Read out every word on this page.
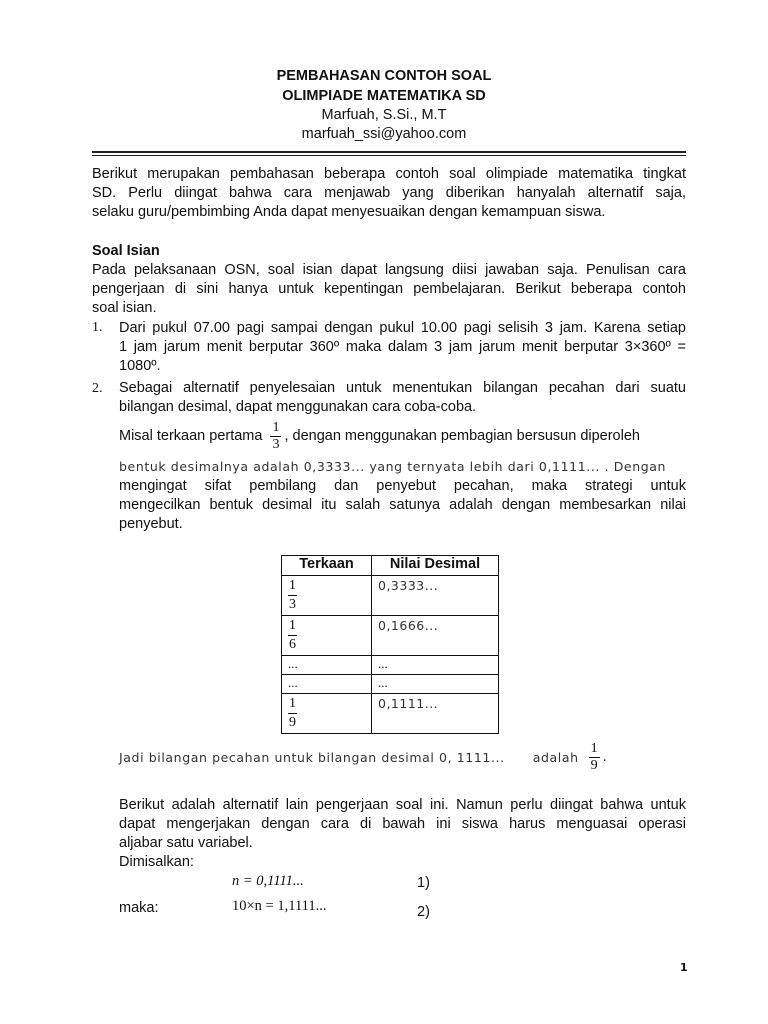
PEMBAHASAN CONTOH SOAL
OLIMPIADE MATEMATIKA SD
Marfuah, S.Si., M.T
marfuah_ssi@yahoo.com
Berikut merupakan pembahasan beberapa contoh soal olimpiade matematika tingkat
SD. Perlu diingat bahwa cara menjawab yang diberikan hanyalah alternatif saja,
selaku guru/pembimbing Anda dapat menyesuaikan dengan kemampuan siswa.
Soal Isian
Pada pelaksanaan OSN, soal isian dapat langsung diisi jawaban saja. Penulisan cara
pengerjaan di sini hanya untuk kepentingan pembelajaran. Berikut beberapa contoh
soal isian.
1. Dari pukul 07.00 pagi sampai dengan pukul 10.00 pagi selisih 3 jam. Karena setiap
1 jam jarum menit berputar 360º maka dalam 3 jam jarum menit berputar 3×360º =
1080º.
2. Sebagai alternatif penyelesaian untuk menentukan bilangan pecahan dari suatu
bilangan desimal, dapat menggunakan cara coba-coba.
Misal terkaan pertama $\frac{1}{3}$ , dengan menggunakan pembagian bersusun diperoleh
bentuk desimalnya adalah 0,3333... yang ternyata lebih dari 0,1111... . Dengan
mengingat sifat pembilang dan penyebut pecahan, maka strategi untuk
mengecilkan bentuk desimal itu salah satunya adalah dengan membesarkan nilai
penyebut.
Terkaan	Nilai Desimal

$\frac{1}{3}$	0,3333...

$\frac{1}{6}$	0,1666...

...	...
...	...

$\frac{1}{9}$	0,1111...
Jadi bilangan pecahan untuk bilangan desimal 0, 1111... adalah $\frac{1}{9}$ .
Berikut adalah alternatif lain pengerjaan soal ini. Namun perlu diingat bahwa untuk
dapat mengerjakan dengan cara di bawah ini siswa harus menguasai operasi
aljabar satu variabel.
Dimisalkan:
n = 0,1111...	1)
maka:	10×n = 1,1111...	2)
1
